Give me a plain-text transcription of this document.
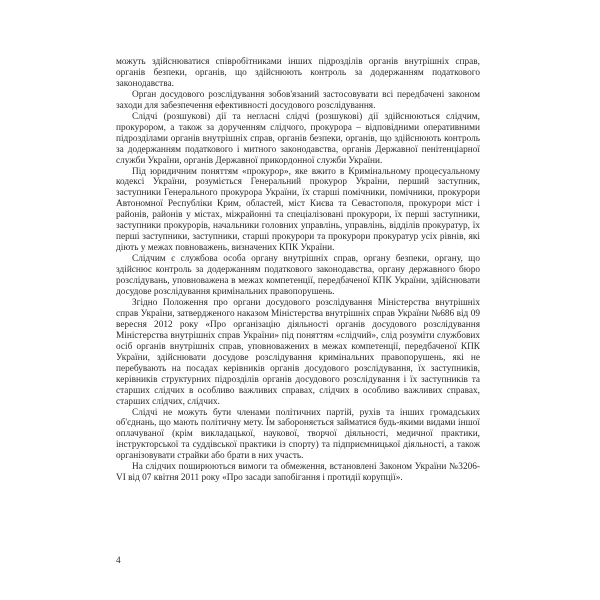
можуть здійснюватися співробітниками інших підрозділів органів внутрішніх справ, органів безпеки, органів, що здійснюють контроль за додержанням податкового законодавства.

Орган досудового розслідування зобов'язаний застосовувати всі передбачені законом заходи для забезпечення ефективності досудового розслідування.

Слідчі (розшукові) дії та негласні слідчі (розшукові) дії здійснюються слідчим, прокурором, а також за дорученням слідчого, прокурора – відповідними оперативними підрозділами органів внутрішніх справ, органів безпеки, органів, що здійснюють контроль за додержанням податкового і митного законодавства, органів Державної пенітенціарної служби України, органів Державної прикордонної служби України.

Під юридичним поняттям «прокурор», яке вжито в Кримінальному процесуальному кодексі України, розуміється Генеральний прокурор України, перший заступник, заступники Генерального прокурора України, їх старші помічники, помічники, прокурори Автономної Республіки Крим, областей, міст Києва та Севастополя, прокурори міст і районів, районів у містах, міжрайонні та спеціалізовані прокурори, їх перші заступники, заступники прокурорів, начальники головних управлінь, управлінь, відділів прокуратур, їх перші заступники, заступники, старші прокурори та прокурори прокуратур усіх рівнів, які діють у межах повноважень, визначених КПК України.

Слідчим є службова особа органу внутрішніх справ, органу безпеки, органу, що здійснює контроль за додержанням податкового законодавства, органу державного бюро розслідувань, уповноважена в межах компетенції, передбаченої КПК України, здійснювати досудове розслідування кримінальних правопорушень.

Згідно Положення про органи досудового розслідування Міністерства внутрішніх справ України, затвердженого наказом Міністерства внутрішніх справ України №686 від 09 вересня 2012 року «Про організацію діяльності органів досудового розслідування Міністерства внутрішніх справ України» під поняттям «слідчий», слід розуміти службових осіб органів внутрішніх справ, уповноважених в межах компетенції, передбаченої КПК України, здійснювати досудове розслідування кримінальних правопорушень, які не перебувають на посадах керівників органів досудового розслідування, їх заступників, керівників структурних підрозділів органів досудового розслідування і їх заступників та старших слідчих в особливо важливих справах, слідчих в особливо важливих справах, старших слідчих, слідчих.

Слідчі не можуть бути членами політичних партій, рухів та інших громадських об'єднань, що мають політичну мету. Їм забороняється займатися будь-якими видами іншої оплачуваної (крім викладацької, наукової, творчої діяльності, медичної практики, інструкторської та суддівської практики із спорту) та підприємницької діяльності, а також організовувати страйки або брати в них участь.

На слідчих поширюються вимоги та обмеження, встановлені Законом України №3206-VI від 07 квітня 2011 року «Про засади запобігання і протидії корупції».

4
